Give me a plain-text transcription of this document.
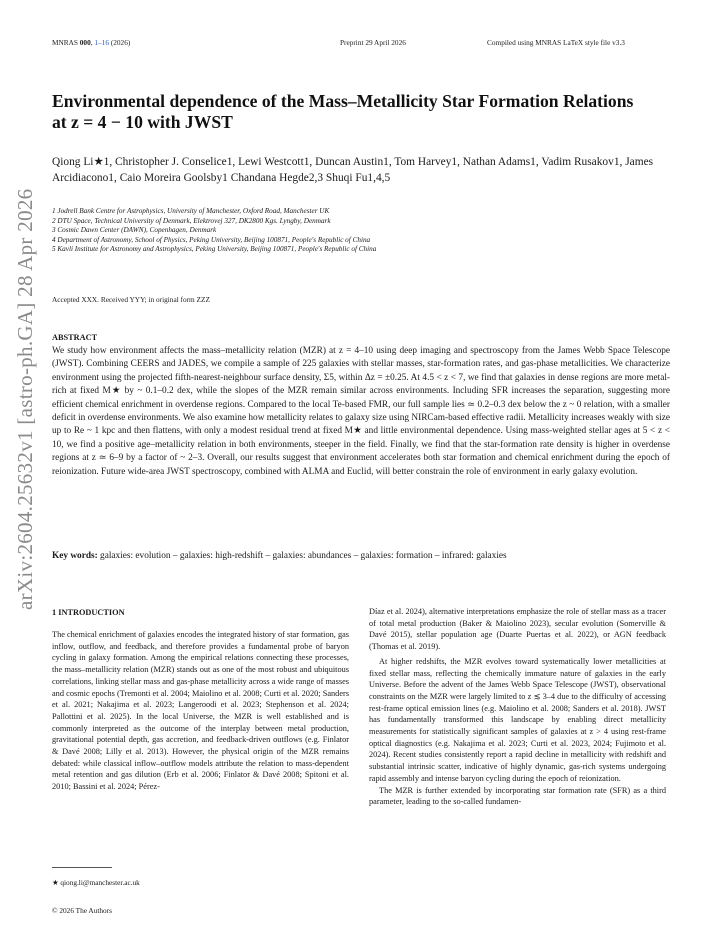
MNRAS 000, 1–16 (2026)	Preprint 29 April 2026	Compiled using MNRAS LaTeX style file v3.3
arXiv:2604.25632v1 [astro-ph.GA] 28 Apr 2026
Environmental dependence of the Mass–Metallicity Star Formation Relations at z = 4 − 10 with JWST
Qiong Li★1, Christopher J. Conselice1, Lewi Westcott1, Duncan Austin1, Tom Harvey1, Nathan Adams1, Vadim Rusakov1, James Arcidiacono1, Caio Moreira Goolsby1 Chandana Hegde2,3 Shuqi Fu1,4,5
1 Jodrell Bank Centre for Astrophysics, University of Manchester, Oxford Road, Manchester UK
2 DTU Space, Technical University of Denmark, Elektrovej 327, DK2800 Kgs. Lyngby, Denmark
3 Cosmic Dawn Center (DAWN), Copenhagen, Denmark
4 Department of Astronomy, School of Physics, Peking University, Beijing 100871, People's Republic of China
5 Kavli Institute for Astronomy and Astrophysics, Peking University, Beijing 100871, People's Republic of China
Accepted XXX. Received YYY; in original form ZZZ
ABSTRACT
We study how environment affects the mass–metallicity relation (MZR) at z = 4–10 using deep imaging and spectroscopy from the James Webb Space Telescope (JWST). Combining CEERS and JADES, we compile a sample of 225 galaxies with stellar masses, star-formation rates, and gas-phase metallicities. We characterize environment using the projected fifth-nearest-neighbour surface density, Σ5, within Δz = ±0.25. At 4.5 < z < 7, we find that galaxies in dense regions are more metal-rich at fixed M★ by ~ 0.1–0.2 dex, while the slopes of the MZR remain similar across environments. Including SFR increases the separation, suggesting more efficient chemical enrichment in overdense regions. Compared to the local Te-based FMR, our full sample lies ≃ 0.2–0.3 dex below the z ~ 0 relation, with a smaller deficit in overdense environments. We also examine how metallicity relates to galaxy size using NIRCam-based effective radii. Metallicity increases weakly with size up to Re ~ 1 kpc and then flattens, with only a modest residual trend at fixed M★ and little environmental dependence. Using mass-weighted stellar ages at 5 < z < 10, we find a positive age–metallicity relation in both environments, steeper in the field. Finally, we find that the star-formation rate density is higher in overdense regions at z ≃ 6–9 by a factor of ~ 2–3. Overall, our results suggest that environment accelerates both star formation and chemical enrichment during the epoch of reionization. Future wide-area JWST spectroscopy, combined with ALMA and Euclid, will better constrain the role of environment in early galaxy evolution.
Key words: galaxies: evolution – galaxies: high-redshift – galaxies: abundances – galaxies: formation – infrared: galaxies
1 INTRODUCTION

The chemical enrichment of galaxies encodes the integrated history of star formation, gas inflow, outflow, and feedback, and therefore provides a fundamental probe of baryon cycling in galaxy formation. Among the empirical relations connecting these processes, the mass–metallicity relation (MZR) stands out as one of the most robust and ubiquitous correlations, linking stellar mass and gas-phase metallicity across a wide range of masses and cosmic epochs (Tremonti et al. 2004; Maiolino et al. 2008; Curti et al. 2020; Sanders et al. 2021; Nakajima et al. 2023; Langeroodi et al. 2023; Stephenson et al. 2024; Pallottini et al. 2025). In the local Universe, the MZR is well established and is commonly interpreted as the outcome of the interplay between metal production, gravitational potential depth, gas accretion, and feedback-driven outflows (e.g. Finlator & Davé 2008; Lilly et al. 2013). However, the physical origin of the MZR remains debated: while classical inflow–outflow models attribute the relation to mass-dependent metal retention and gas dilution (Erb et al. 2006; Finlator & Davé 2008; Spitoni et al. 2010; Bassini et al. 2024; Pérez-

Díaz et al. 2024), alternative interpretations emphasize the role of stellar mass as a tracer of total metal production (Baker & Maiolino 2023), secular evolution (Somerville & Davé 2015), stellar population age (Duarte Puertas et al. 2022), or AGN feedback (Thomas et al. 2019).

At higher redshifts, the MZR evolves toward systematically lower metallicities at fixed stellar mass, reflecting the chemically immature nature of galaxies in the early Universe. Before the advent of the James Webb Space Telescope (JWST), observational constraints on the MZR were largely limited to z ≲ 3–4 due to the difficulty of accessing rest-frame optical emission lines (e.g. Maiolino et al. 2008; Sanders et al. 2018). JWST has fundamentally transformed this landscape by enabling direct metallicity measurements for statistically significant samples of galaxies at z > 4 using rest-frame optical diagnostics (e.g. Nakajima et al. 2023; Curti et al. 2023, 2024; Fujimoto et al. 2024). Recent studies consistently report a rapid decline in metallicity with redshift and substantial intrinsic scatter, indicative of highly dynamic, gas-rich systems undergoing rapid assembly and intense baryon cycling during the epoch of reionization.

The MZR is further extended by incorporating star formation rate (SFR) as a third parameter, leading to the so-called fundamen-

★ qiong.li@manchester.ac.uk
© 2026 The Authors
